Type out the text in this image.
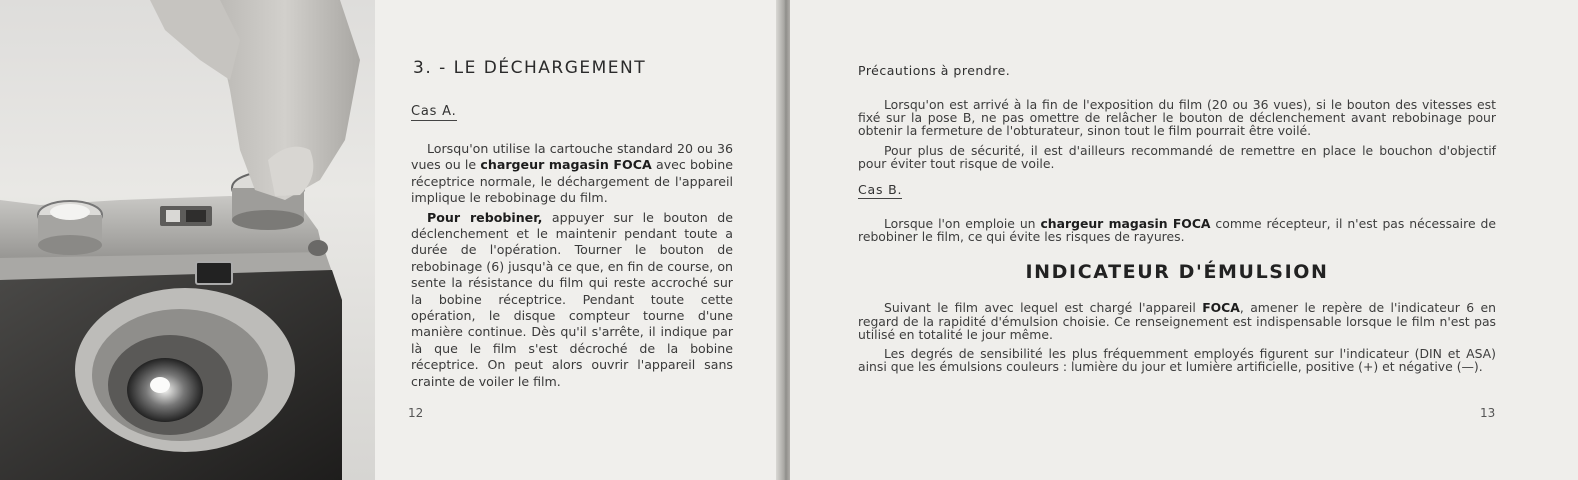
3. - LE DÉCHARGEMENT
Cas A.

Lorsqu'on utilise la cartouche standard 20 ou 36 vues ou le chargeur magasin FOCA avec bobine réceptrice normale, le déchargement de l'appareil implique le rebobinage du film.

Pour rebobiner, appuyer sur le bouton de déclenchement et le maintenir pendant toute a durée de l'opération. Tourner le bouton de rebobinage (6) jusqu'à ce que, en fin de course, on sente la résistance du film qui reste accroché sur la bobine réceptrice. Pendant toute cette opération, le disque compteur tourne d'une manière continue. Dès qu'il s'arrête, il indique par là que le film s'est décroché de la bobine réceptrice. On peut alors ouvrir l'appareil sans crainte de voiler le film.

12
Précautions à prendre.

Lorsqu'on est arrivé à la fin de l'exposition du film (20 ou 36 vues), si le bouton des vitesses est fixé sur la pose B, ne pas omettre de relâcher le bouton de déclenchement avant rebobinage pour obtenir la fermeture de l'obturateur, sinon tout le film pourrait être voilé.

Pour plus de sécurité, il est d'ailleurs recommandé de remettre en place le bouchon d'objectif pour éviter tout risque de voile.

Cas B.

Lorsque l'on emploie un chargeur magasin FOCA comme récepteur, il n'est pas nécessaire de rebobiner le film, ce qui évite les risques de rayures.

INDICATEUR D'ÉMULSION

Suivant le film avec lequel est chargé l'appareil FOCA, amener le repère de l'indicateur 6 en regard de la rapidité d'émulsion choisie. Ce renseignement est indispensable lorsque le film n'est pas utilisé en totalité le jour même.

Les degrés de sensibilité les plus fréquemment employés figurent sur l'indicateur (DIN et ASA) ainsi que les émulsions couleurs : lumière du jour et lumière artificielle, positive (+) et négative (—).

13
